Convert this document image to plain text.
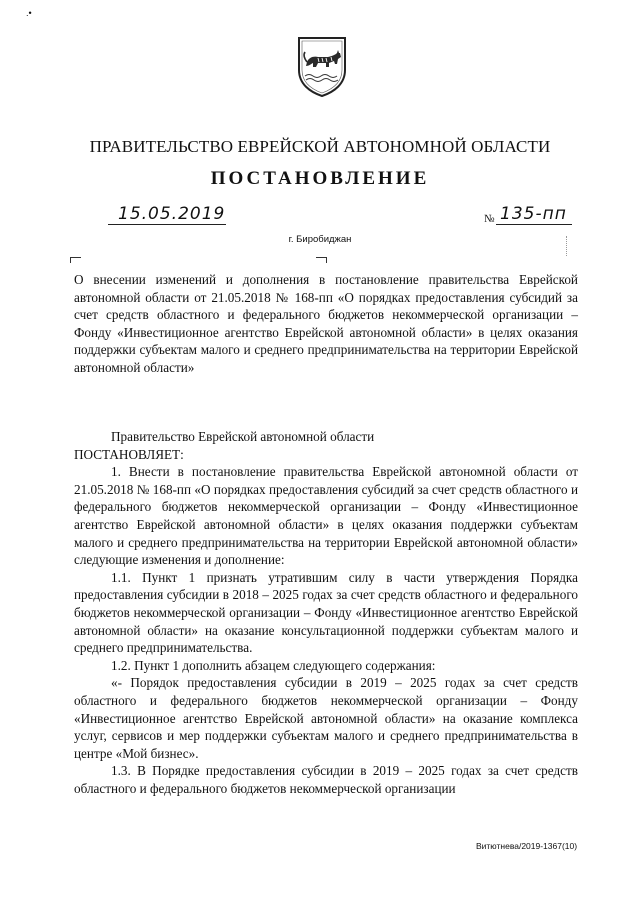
.•
ПРАВИТЕЛЬСТВО ЕВРЕЙСКОЙ АВТОНОМНОЙ ОБЛАСТИ
ПОСТАНОВЛЕНИЕ
15.05.2019	№ 135-пп
г. Биробиджан
О внесении изменений и дополнения в постановление правительства Еврейской автономной области от 21.05.2018 № 168-пп «О порядках предоставления субсидий за счет средств областного и федерального бюджетов некоммерческой организации – Фонду «Инвестиционное агентство Еврейской автономной области» в целях оказания поддержки субъектам малого и среднего предпринимательства на территории Еврейской автономной области»
Правительство Еврейской автономной области
ПОСТАНОВЛЯЕТ:
1. Внести в постановление правительства Еврейской автономной области от 21.05.2018 № 168-пп «О порядках предоставления субсидий за счет средств областного и федерального бюджетов некоммерческой организации – Фонду «Инвестиционное агентство Еврейской автономной области» в целях оказания поддержки субъектам малого и среднего предпринимательства на территории Еврейской автономной области» следующие изменения и дополнение:
1.1. Пункт 1 признать утратившим силу в части утверждения Порядка предоставления субсидии в 2018 – 2025 годах за счет средств областного и федерального бюджетов некоммерческой организации – Фонду «Инвестиционное агентство Еврейской автономной области» на оказание консультационной поддержки субъектам малого и среднего предпринимательства.
1.2. Пункт 1 дополнить абзацем следующего содержания:
«- Порядок предоставления субсидии в 2019 – 2025 годах за счет средств областного и федерального бюджетов некоммерческой организации – Фонду «Инвестиционное агентство Еврейской автономной области» на оказание комплекса услуг, сервисов и мер поддержки субъектам малого и среднего предпринимательства в центре «Мой бизнес».
1.3. В Порядке предоставления субсидии в 2019 – 2025 годах за счет средств областного и федерального бюджетов некоммерческой организации
Витютнева/2019-1367(10)
